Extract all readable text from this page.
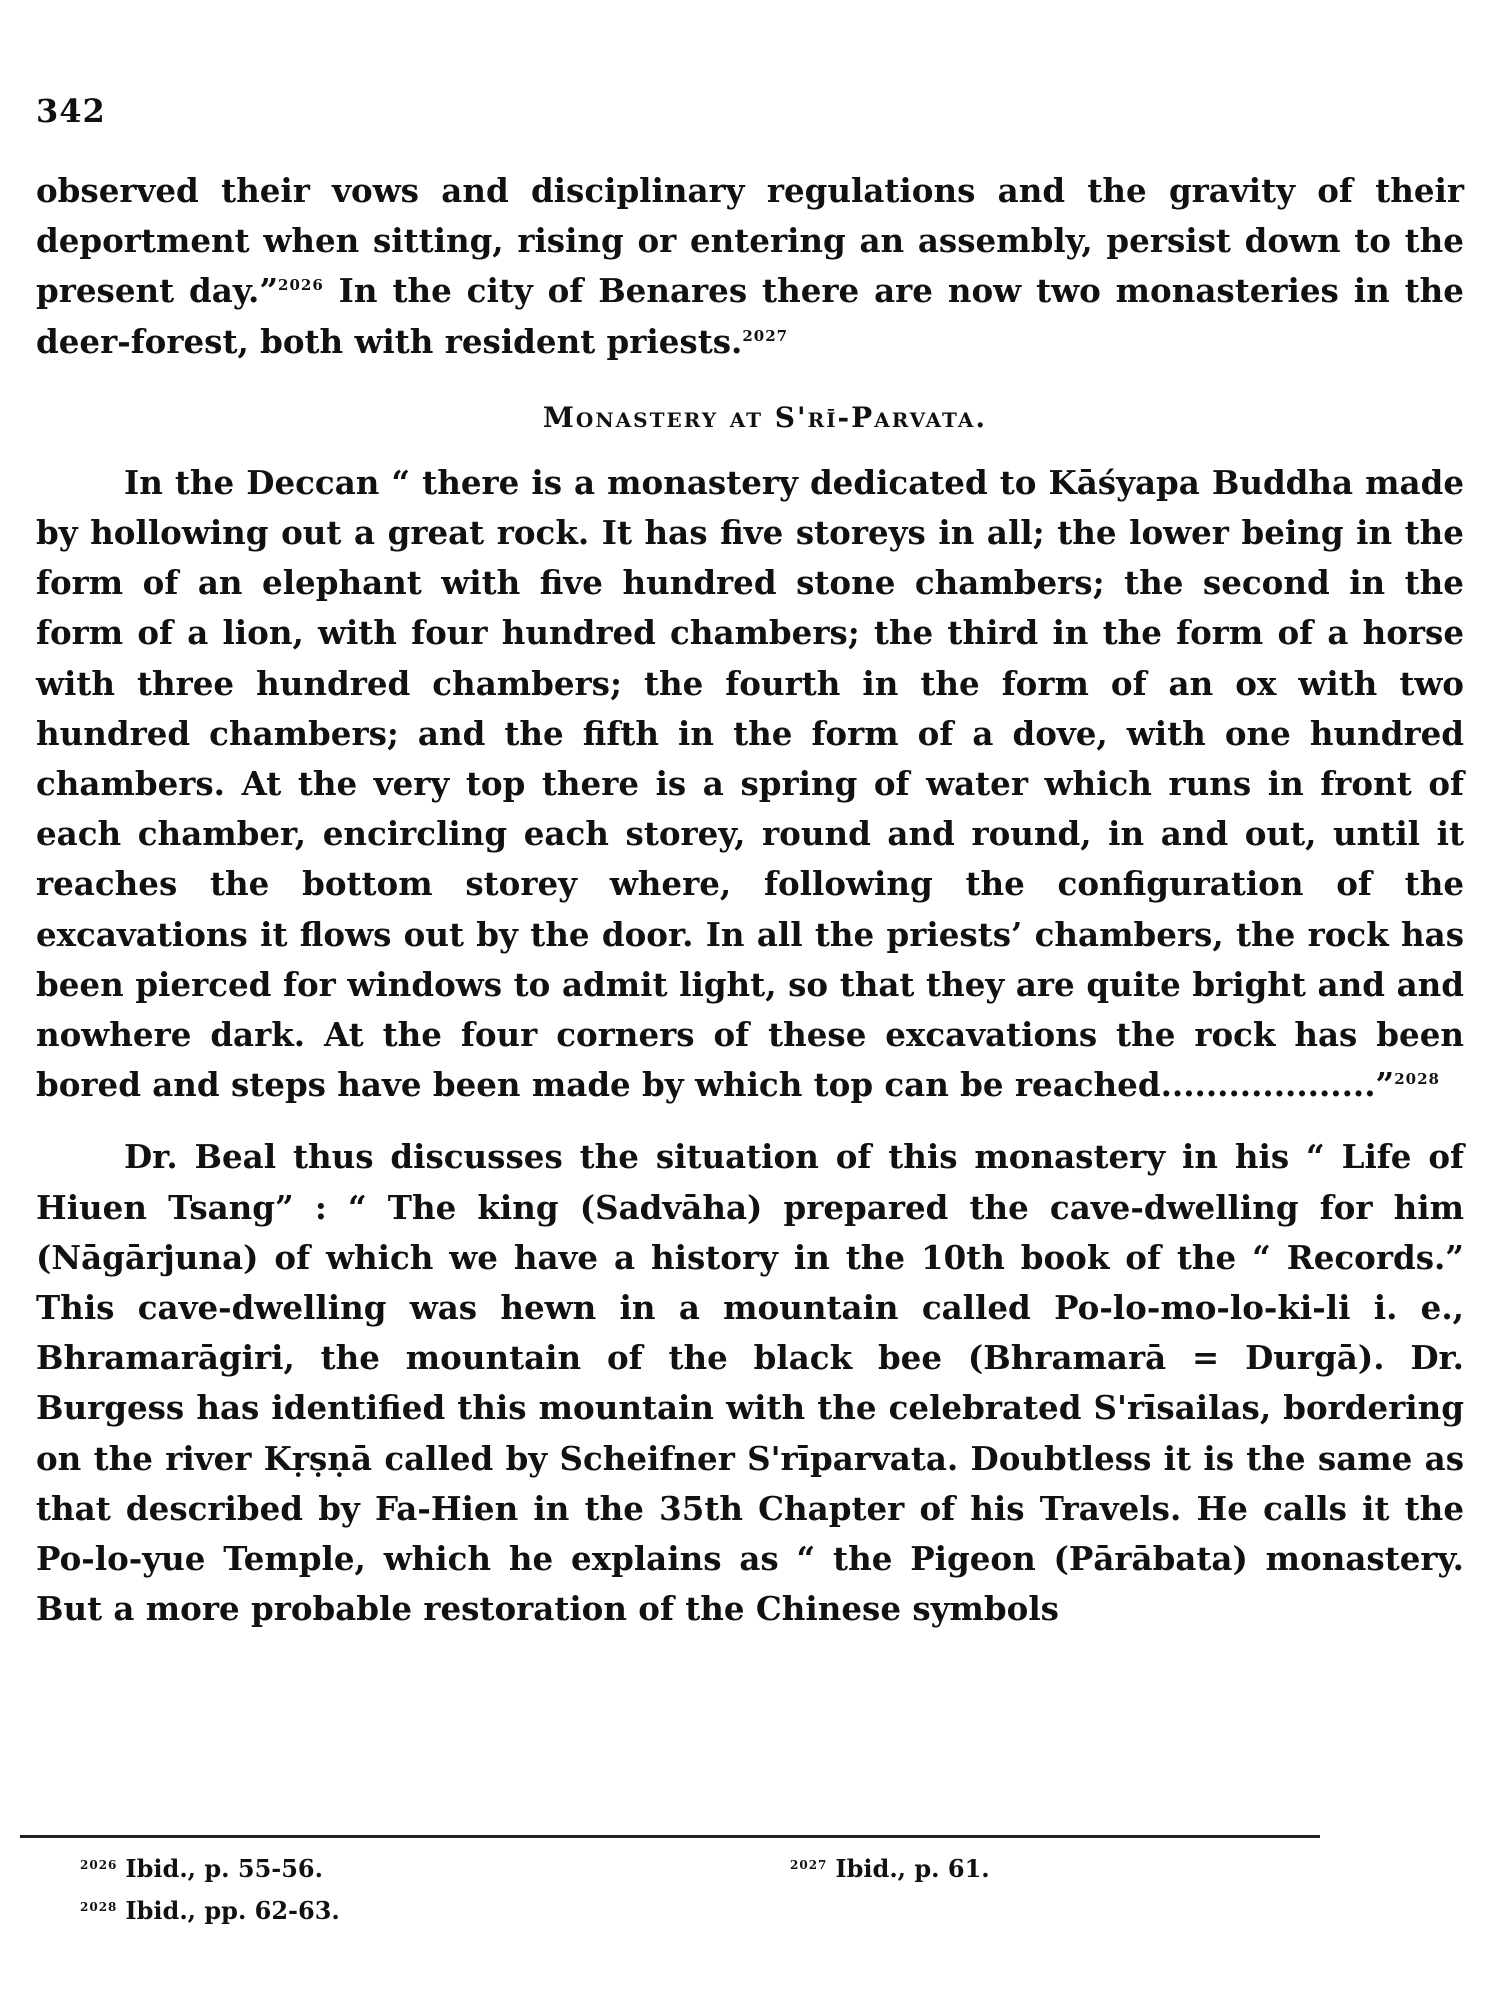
342

observed their vows and disciplinary regulations and the gravity of their deportment when sitting, rising or entering an assembly, persist down to the present day.”$^{2026}$ In the city of Benares there are now two monasteries in the deer-forest, both with resident priests.$^{2027}$

Monastery at S'rī-Parvata.

In the Deccan “ there is a monastery dedicated to Kāśyapa Buddha made by hollowing out a great rock. It has five storeys in all; the lower being in the form of an elephant with five hundred stone chambers; the second in the form of a lion, with four hundred chambers; the third in the form of a horse with three hundred chambers; the fourth in the form of an ox with two hundred chambers; and the fifth in the form of a dove, with one hundred chambers. At the very top there is a spring of water which runs in front of each chamber, encircling each storey, round and round, in and out, until it reaches the bottom storey where, following the configuration of the excavations it flows out by the door. In all the priests’ chambers, the rock has been pierced for windows to admit light, so that they are quite bright and and nowhere dark. At the four corners of these excavations the rock has been bored and steps have been made by which top can be reached...................”$^{2028}$

Dr. Beal thus discusses the situation of this monastery in his “ Life of Hiuen Tsang” : “ The king (Sadvāha) prepared the cave-dwelling for him (Nāgārjuna) of which we have a history in the 10th book of the “ Records.” This cave-dwelling was hewn in a mountain called Po-lo-mo-lo-ki-li i. e., Bhramarāgiri, the mountain of the black bee (Bhramarā = Durgā). Dr. Burgess has identified this mountain with the celebrated S'rīsailas, bordering on the river Kṛṣṇā called by Scheifner S'rīparvata. Doubtless it is the same as that described by Fa-Hien in the 35th Chapter of his Travels. He calls it the Po-lo-yue Temple, which he explains as “ the Pigeon (Pārābata) monastery. But a more probable restoration of the Chinese symbols

$^{2026}$ Ibid., p. 55-56.	$^{2027}$ Ibid., p. 61.
$^{2028}$ Ibid., pp. 62-63.
